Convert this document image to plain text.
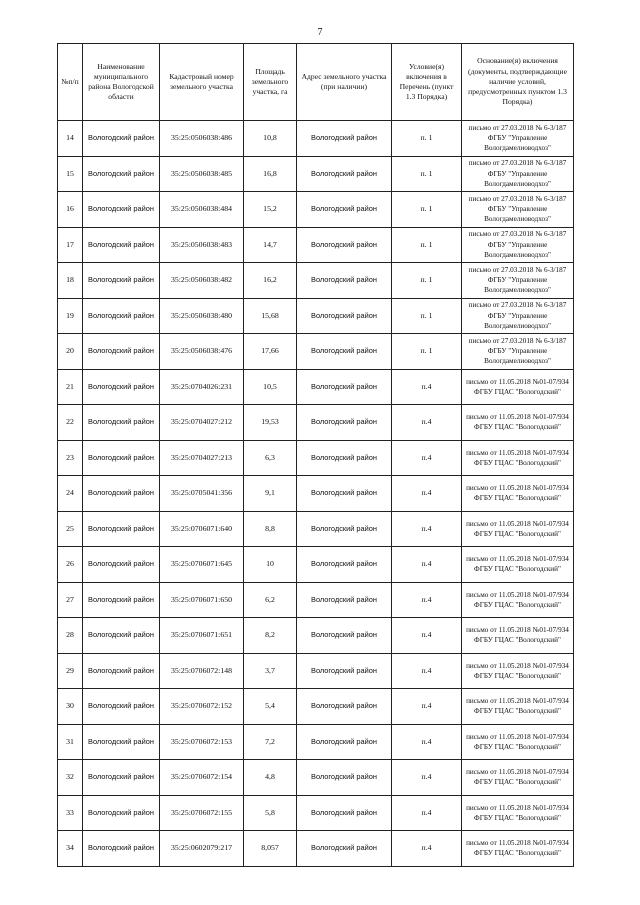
7
№п/п	Наименование муниципального района Вологодской области	Кадастровый номер земельного участка	Площадь земельного участка, га	Адрес земельного участка (при наличии)	Условие(я) включения в Перечень (пункт 1.3 Порядка)	Основание(я) включения (документы, подтверждающие наличие условий, предусмотренных пунктом 1.3 Порядка)
14	Вологодский район	35:25:0506038:486	10,8	Вологодский район	п. 1	письмо от 27.03.2018 № 6-3/187 ФГБУ "Управление Вологдамелиоводхоз"
15	Вологодский район	35:25:0506038:485	16,8	Вологодский район	п. 1	письмо от 27.03.2018 № 6-3/187 ФГБУ "Управление Вологдамелиоводхоз"
16	Вологодский район	35:25:0506038:484	15,2	Вологодский район	п. 1	письмо от 27.03.2018 № 6-3/187 ФГБУ "Управление Вологдамелиоводхоз"
17	Вологодский район	35:25:0506038:483	14,7	Вологодский район	п. 1	письмо от 27.03.2018 № 6-3/187 ФГБУ "Управление Вологдамелиоводхоз"
18	Вологодский район	35:25:0506038:482	16,2	Вологодский район	п. 1	письмо от 27.03.2018 № 6-3/187 ФГБУ "Управление Вологдамелиоводхоз"
19	Вологодский район	35:25:0506038:480	15,68	Вологодский район	п. 1	письмо от 27.03.2018 № 6-3/187 ФГБУ "Управление Вологдамелиоводхоз"
20	Вологодский район	35:25:0506038:476	17,66	Вологодский район	п. 1	письмо от 27.03.2018 № 6-3/187 ФГБУ "Управление Вологдамелиоводхоз"
21	Вологодский район	35:25:0704026:231	10,5	Вологодский район	п.4	письмо от 11.05.2018 №01-07/934 ФГБУ ГЦАС "Вологодский"
22	Вологодский район	35:25:0704027:212	19,53	Вологодский район	п.4	письмо от 11.05.2018 №01-07/934 ФГБУ ГЦАС "Вологодский"
23	Вологодский район	35:25:0704027:213	6,3	Вологодский район	п.4	письмо от 11.05.2018 №01-07/934 ФГБУ ГЦАС "Вологодский"
24	Вологодский район	35:25:0705041:356	9,1	Вологодский район	п.4	письмо от 11.05.2018 №01-07/934 ФГБУ ГЦАС "Вологодский"
25	Вологодский район	35:25:0706071:640	8,8	Вологодский район	п.4	письмо от 11.05.2018 №01-07/934 ФГБУ ГЦАС "Вологодский"
26	Вологодский район	35:25:0706071:645	10	Вологодский район	п.4	письмо от 11.05.2018 №01-07/934 ФГБУ ГЦАС "Вологодский"
27	Вологодский район	35:25:0706071:650	6,2	Вологодский район	п.4	письмо от 11.05.2018 №01-07/934 ФГБУ ГЦАС "Вологодский"
28	Вологодский район	35:25:0706071:651	8,2	Вологодский район	п.4	письмо от 11.05.2018 №01-07/934 ФГБУ ГЦАС "Вологодский"
29	Вологодский район	35:25:0706072:148	3,7	Вологодский район	п.4	письмо от 11.05.2018 №01-07/934 ФГБУ ГЦАС "Вологодский"
30	Вологодский район	35:25:0706072:152	5,4	Вологодский район	п.4	письмо от 11.05.2018 №01-07/934 ФГБУ ГЦАС "Вологодский"
31	Вологодский район	35:25:0706072:153	7,2	Вологодский район	п.4	письмо от 11.05.2018 №01-07/934 ФГБУ ГЦАС "Вологодский"
32	Вологодский район	35:25:0706072:154	4,8	Вологодский район	п.4	письмо от 11.05.2018 №01-07/934 ФГБУ ГЦАС "Вологодский"
33	Вологодский район	35:25:0706072:155	5,8	Вологодский район	п.4	письмо от 11.05.2018 №01-07/934 ФГБУ ГЦАС "Вологодский"
34	Вологодский район	35:25:0602079:217	8,057	Вологодский район	п.4	письмо от 11.05.2018 №01-07/934 ФГБУ ГЦАС "Вологодский"
